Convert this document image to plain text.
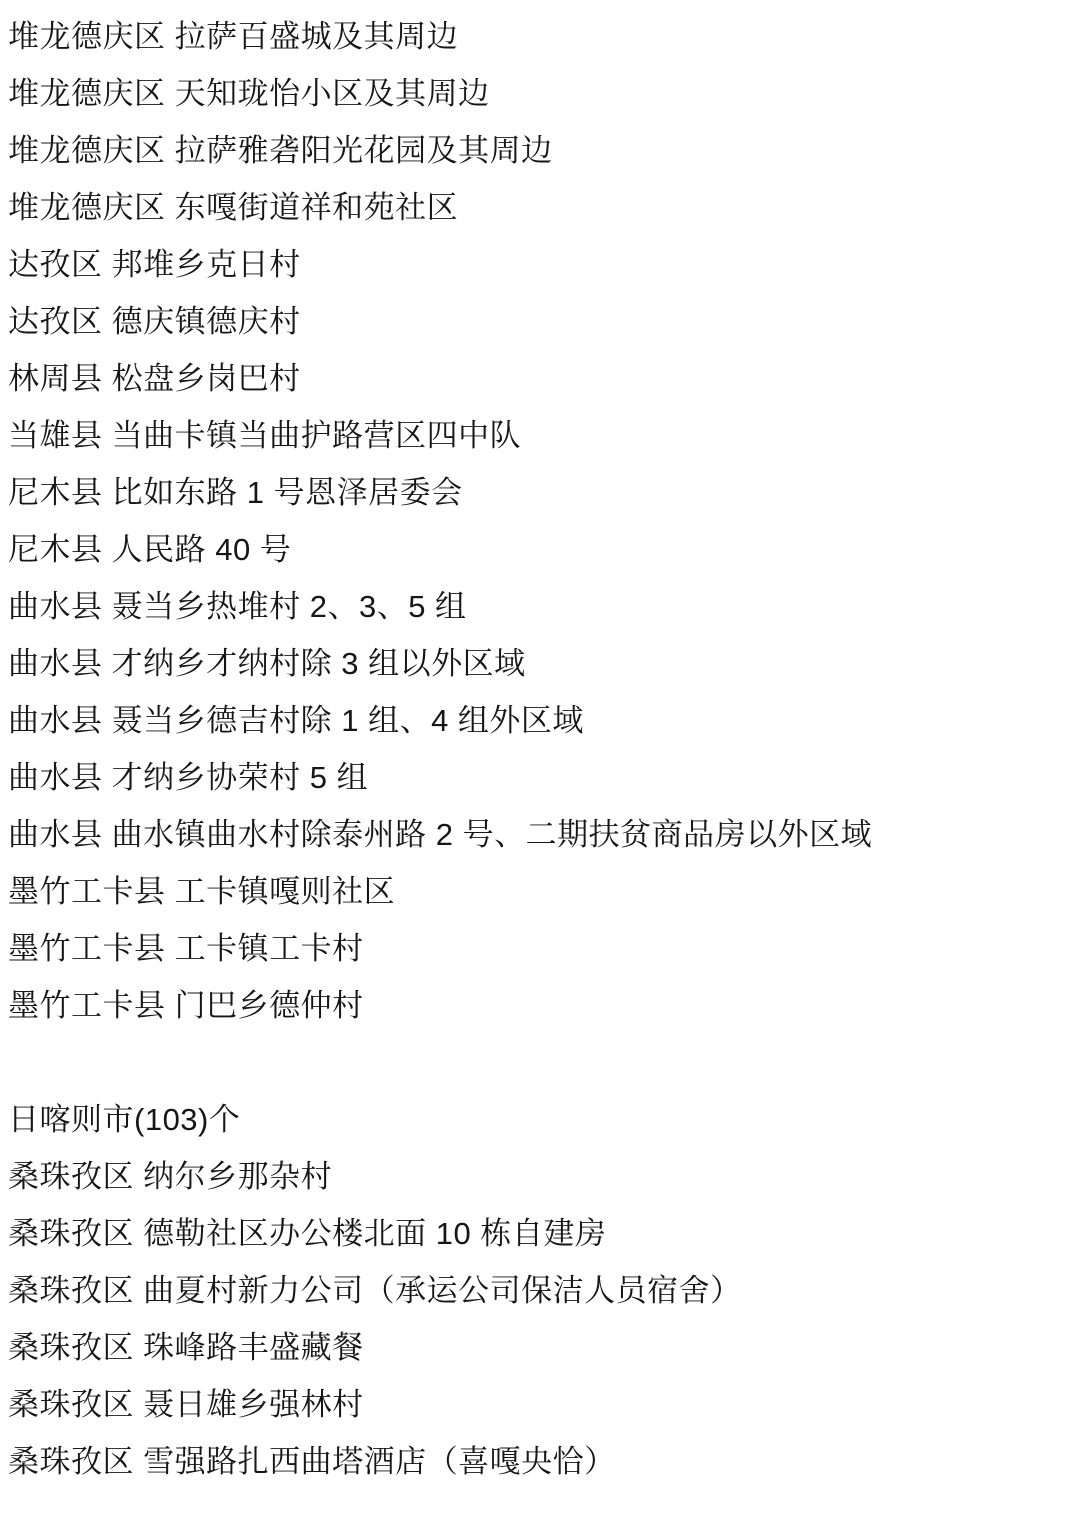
堆龙德庆区 拉萨百盛城及其周边
堆龙德庆区 天知珑怡小区及其周边
堆龙德庆区 拉萨雅砻阳光花园及其周边
堆龙德庆区 东嘎街道祥和苑社区
达孜区 邦堆乡克日村
达孜区 德庆镇德庆村
林周县 松盘乡岗巴村
当雄县 当曲卡镇当曲护路营区四中队
尼木县 比如东路 1 号恩泽居委会
尼木县 人民路 40 号
曲水县 聂当乡热堆村 2、3、5 组
曲水县 才纳乡才纳村除 3 组以外区域
曲水县 聂当乡德吉村除 1 组、4 组外区域
曲水县 才纳乡协荣村 5 组
曲水县 曲水镇曲水村除泰州路 2 号、二期扶贫商品房以外区域
墨竹工卡县 工卡镇嘎则社区
墨竹工卡县 工卡镇工卡村
墨竹工卡县 门巴乡德仲村
日喀则市(103)个
桑珠孜区 纳尔乡那杂村
桑珠孜区 德勒社区办公楼北面 10 栋自建房
桑珠孜区 曲夏村新力公司（承运公司保洁人员宿舍）
桑珠孜区 珠峰路丰盛藏餐
桑珠孜区 聂日雄乡强林村
桑珠孜区 雪强路扎西曲塔酒店（喜嘎央恰）
